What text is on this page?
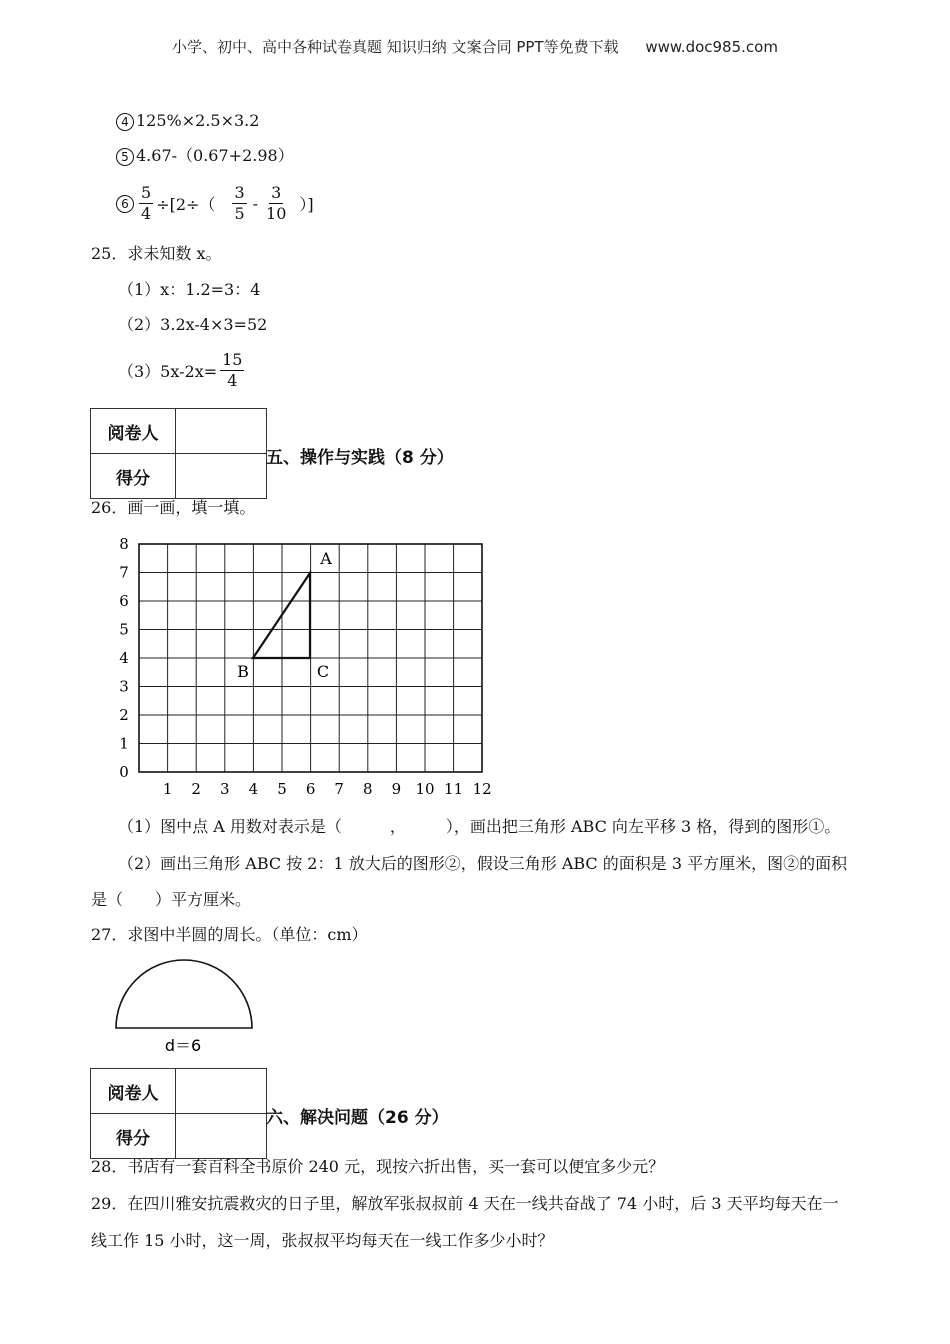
小学、初中、高中各种试卷真题 知识归纳 文案合同 PPT等免费下载 www.doc985.com
4 125%×2.5×3.2
5 4.67-（0.67+2.98）
$6 \frac{5}{4} \div[2\div( \frac{3}{5} - \frac{3}{10}$ ）]
25．求未知数 x。
（1）x：1.2=3：4
（2）3.2x-4×3=52
$(3)5x-2x= \frac{15}{4}$
阅卷人	
得分	
五、操作与实践（8 分）
26．画一画，填一填。
1 2 3 4 5 6 7 8 9 10 11 12
0
1
2
3
4
5
6
7
8
A
B	C
（1）图中点 A 用数对表示是（　　　，　　　），画出把三角形 ABC 向左平移 3 格，得到的图形①。
（2）画出三角形 ABC 按 2：1 放大后的图形②，假设三角形 ABC 的面积是 3 平方厘米，图②的面积
是（　　）平方厘米。
27．求图中半圆的周长。（单位：cm）
d＝6
阅卷人	
得分	
六、解决问题（26 分）
28．书店有一套百科全书原价 240 元，现按六折出售，买一套可以便宜多少元？
29．在四川雅安抗震救灾的日子里，解放军张叔叔前 4 天在一线共奋战了 74 小时，后 3 天平均每天在一
线工作 15 小时，这一周，张叔叔平均每天在一线工作多少小时？
